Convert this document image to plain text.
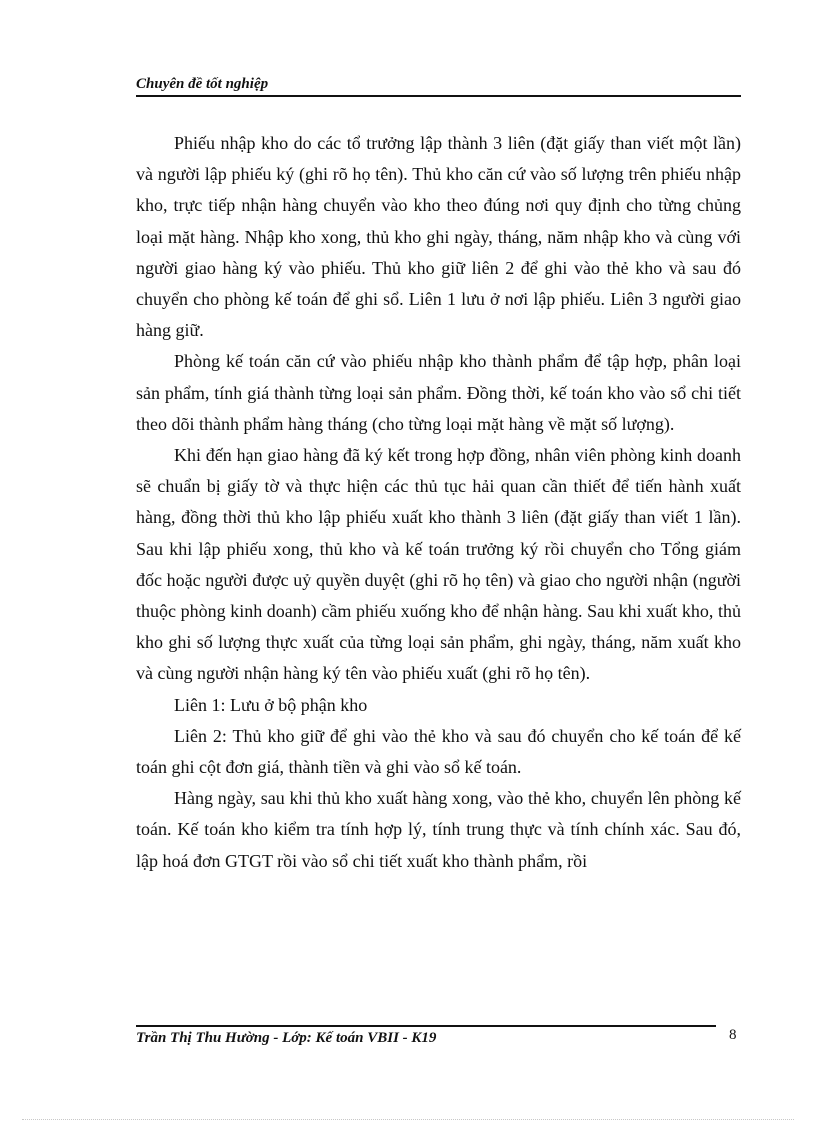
Chuyên đề tốt nghiệp

Phiếu nhập kho do các tổ trưởng lập thành 3 liên (đặt giấy than viết một lần) và người lập phiếu ký (ghi rõ họ tên). Thủ kho căn cứ vào số lượng trên phiếu nhập kho, trực tiếp nhận hàng chuyển vào kho theo đúng nơi quy định cho từng chủng loại mặt hàng. Nhập kho xong, thủ kho ghi ngày, tháng, năm nhập kho và cùng với người giao hàng ký vào phiếu. Thủ kho giữ liên 2 để ghi vào thẻ kho và sau đó chuyển cho phòng kế toán để ghi sổ. Liên 1 lưu ở nơi lập phiếu. Liên 3 người giao hàng giữ.

Phòng kế toán căn cứ vào phiếu nhập kho thành phẩm để tập hợp, phân loại sản phẩm, tính giá thành từng loại sản phẩm. Đồng thời, kế toán kho vào sổ chi tiết theo dõi thành phẩm hàng tháng (cho từng loại mặt hàng về mặt số lượng).

Khi đến hạn giao hàng đã ký kết trong hợp đồng, nhân viên phòng kinh doanh sẽ chuẩn bị giấy tờ và thực hiện các thủ tục hải quan cần thiết để tiến hành xuất hàng, đồng thời thủ kho lập phiếu xuất kho thành 3 liên (đặt giấy than viết 1 lần). Sau khi lập phiếu xong, thủ kho và kế toán trưởng ký rồi chuyển cho Tổng giám đốc hoặc người được uỷ quyền duyệt (ghi rõ họ tên) và giao cho người nhận (người thuộc phòng kinh doanh) cầm phiếu xuống kho để nhận hàng. Sau khi xuất kho, thủ kho ghi số lượng thực xuất của từng loại sản phẩm, ghi ngày, tháng, năm xuất kho và cùng người nhận hàng ký tên vào phiếu xuất (ghi rõ họ tên).

Liên 1: Lưu ở bộ phận kho

Liên 2: Thủ kho giữ để ghi vào thẻ kho và sau đó chuyển cho kế toán để kế toán ghi cột đơn giá, thành tiền và ghi vào sổ kế toán.

Hàng ngày, sau khi thủ kho xuất hàng xong, vào thẻ kho, chuyển lên phòng kế toán. Kế toán kho kiểm tra tính hợp lý, tính trung thực và tính chính xác. Sau đó, lập hoá đơn GTGT rồi vào sổ chi tiết xuất kho thành phẩm, rồi

Trần Thị Thu Hường - Lớp: Kế toán VBII - K19	8
